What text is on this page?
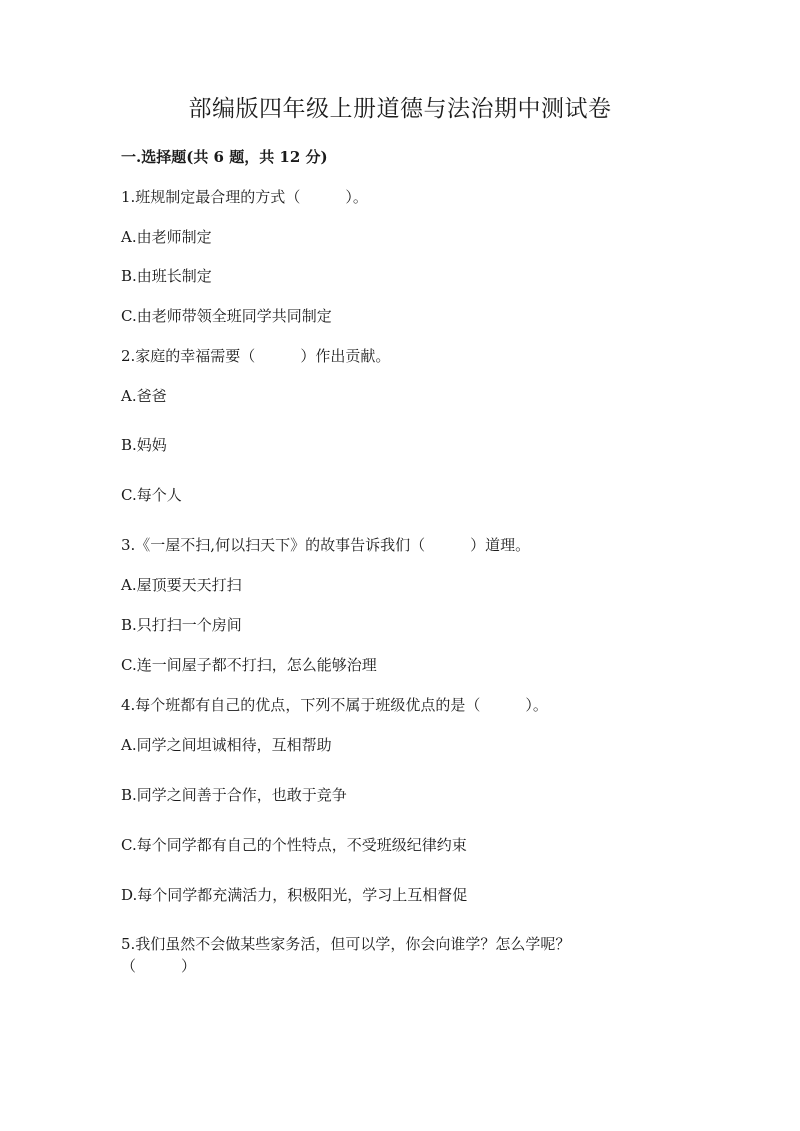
部编版四年级上册道德与法治期中测试卷
一.选择题(共 6 题，共 12 分)

1.班规制定最合理的方式（　　　）。

A.由老师制定

B.由班长制定

C.由老师带领全班同学共同制定

2.家庭的幸福需要（　　　）作出贡献。

A.爸爸

B.妈妈

C.每个人

3.《一屋不扫,何以扫天下》的故事告诉我们（　　　）道理。

A.屋顶要天天打扫

B.只打扫一个房间

C.连一间屋子都不打扫，怎么能够治理

4.每个班都有自己的优点，下列不属于班级优点的是（　　　）。

A.同学之间坦诚相待，互相帮助

B.同学之间善于合作，也敢于竞争

C.每个同学都有自己的个性特点，不受班级纪律约束

D.每个同学都充满活力，积极阳光，学习上互相督促

5.我们虽然不会做某些家务活，但可以学，你会向谁学？怎么学呢？

（　　　）
